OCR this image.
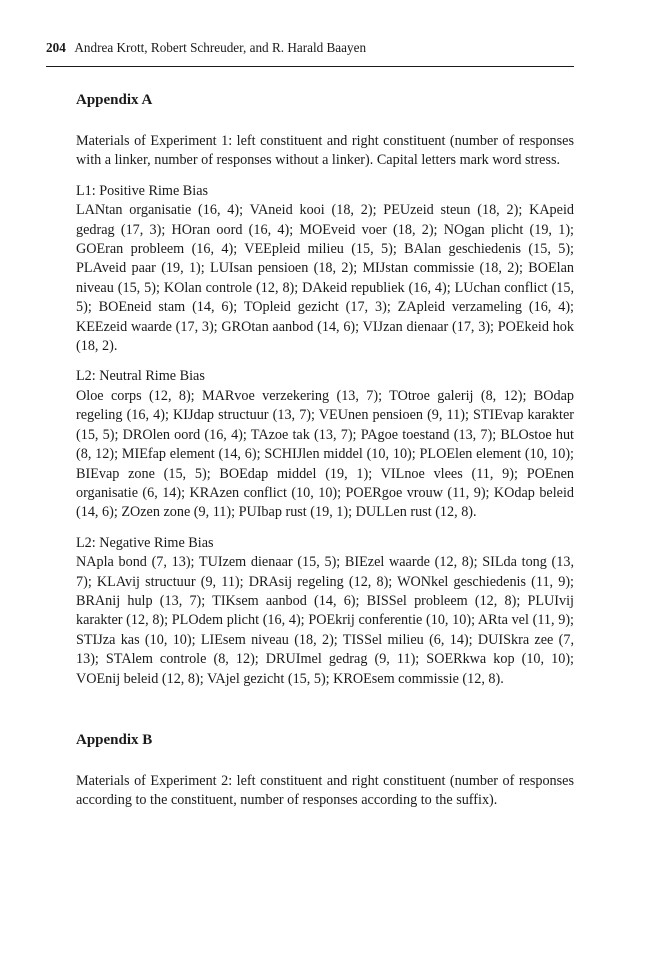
204 Andrea Krott, Robert Schreuder, and R. Harald Baayen
Appendix A

Materials of Experiment 1: left constituent and right constituent (number of responses with a linker, number of responses without a linker). Capital letters mark word stress.

L1: Positive Rime Bias

LANtan organisatie (16, 4); VAneid kooi (18, 2); PEUzeid steun (18, 2); KApeid gedrag (17, 3); HOran oord (16, 4); MOEveid voer (18, 2); NOgan plicht (19, 1); GOEran probleem (16, 4); VEEpleid milieu (15, 5); BAlan geschiedenis (15, 5); PLAveid paar (19, 1); LUIsan pensioen (18, 2); MIJstan commissie (18, 2); BOElan niveau (15, 5); KOlan controle (12, 8); DAkeid republiek (16, 4); LUchan conflict (15, 5); BOEneid stam (14, 6); TOpleid gezicht (17, 3); ZApleid verzameling (16, 4); KEEzeid waarde (17, 3); GROtan aanbod (14, 6); VIJzan dienaar (17, 3); POEkeid hok (18, 2).

L2: Neutral Rime Bias

Oloe corps (12, 8); MARvoe verzekering (13, 7); TOtroe galerij (8, 12); BOdap regeling (16, 4); KIJdap structuur (13, 7); VEUnen pensioen (9, 11); STIEvap karakter (15, 5); DROlen oord (16, 4); TAzoe tak (13, 7); PAgoe toestand (13, 7); BLOstoe hut (8, 12); MIEfap element (14, 6); SCHIJlen middel (10, 10); PLOElen element (10, 10); BIEvap zone (15, 5); BOEdap middel (19, 1); VILnoe vlees (11, 9); POEnen organisatie (6, 14); KRAzen conflict (10, 10); POERgoe vrouw (11, 9); KOdap beleid (14, 6); ZOzen zone (9, 11); PUIbap rust (19, 1); DULLen rust (12, 8).

L2: Negative Rime Bias

NApla bond (7, 13); TUIzem dienaar (15, 5); BIEzel waarde (12, 8); SILda tong (13, 7); KLAvij structuur (9, 11); DRAsij regeling (12, 8); WONkel geschiedenis (11, 9); BRAnij hulp (13, 7); TIKsem aanbod (14, 6); BISSel probleem (12, 8); PLUIvij karakter (12, 8); PLOdem plicht (16, 4); POEkrij conferentie (10, 10); ARta vel (11, 9); STIJza kas (10, 10); LIEsem niveau (18, 2); TISSel milieu (6, 14); DUISkra zee (7, 13); STAlem controle (8, 12); DRUImel gedrag (9, 11); SOERkwa kop (10, 10); VOEnij beleid (12, 8); VAjel gezicht (15, 5); KROEsem commissie (12, 8).

Appendix B

Materials of Experiment 2: left constituent and right constituent (number of responses according to the constituent, number of responses according to the suffix).
